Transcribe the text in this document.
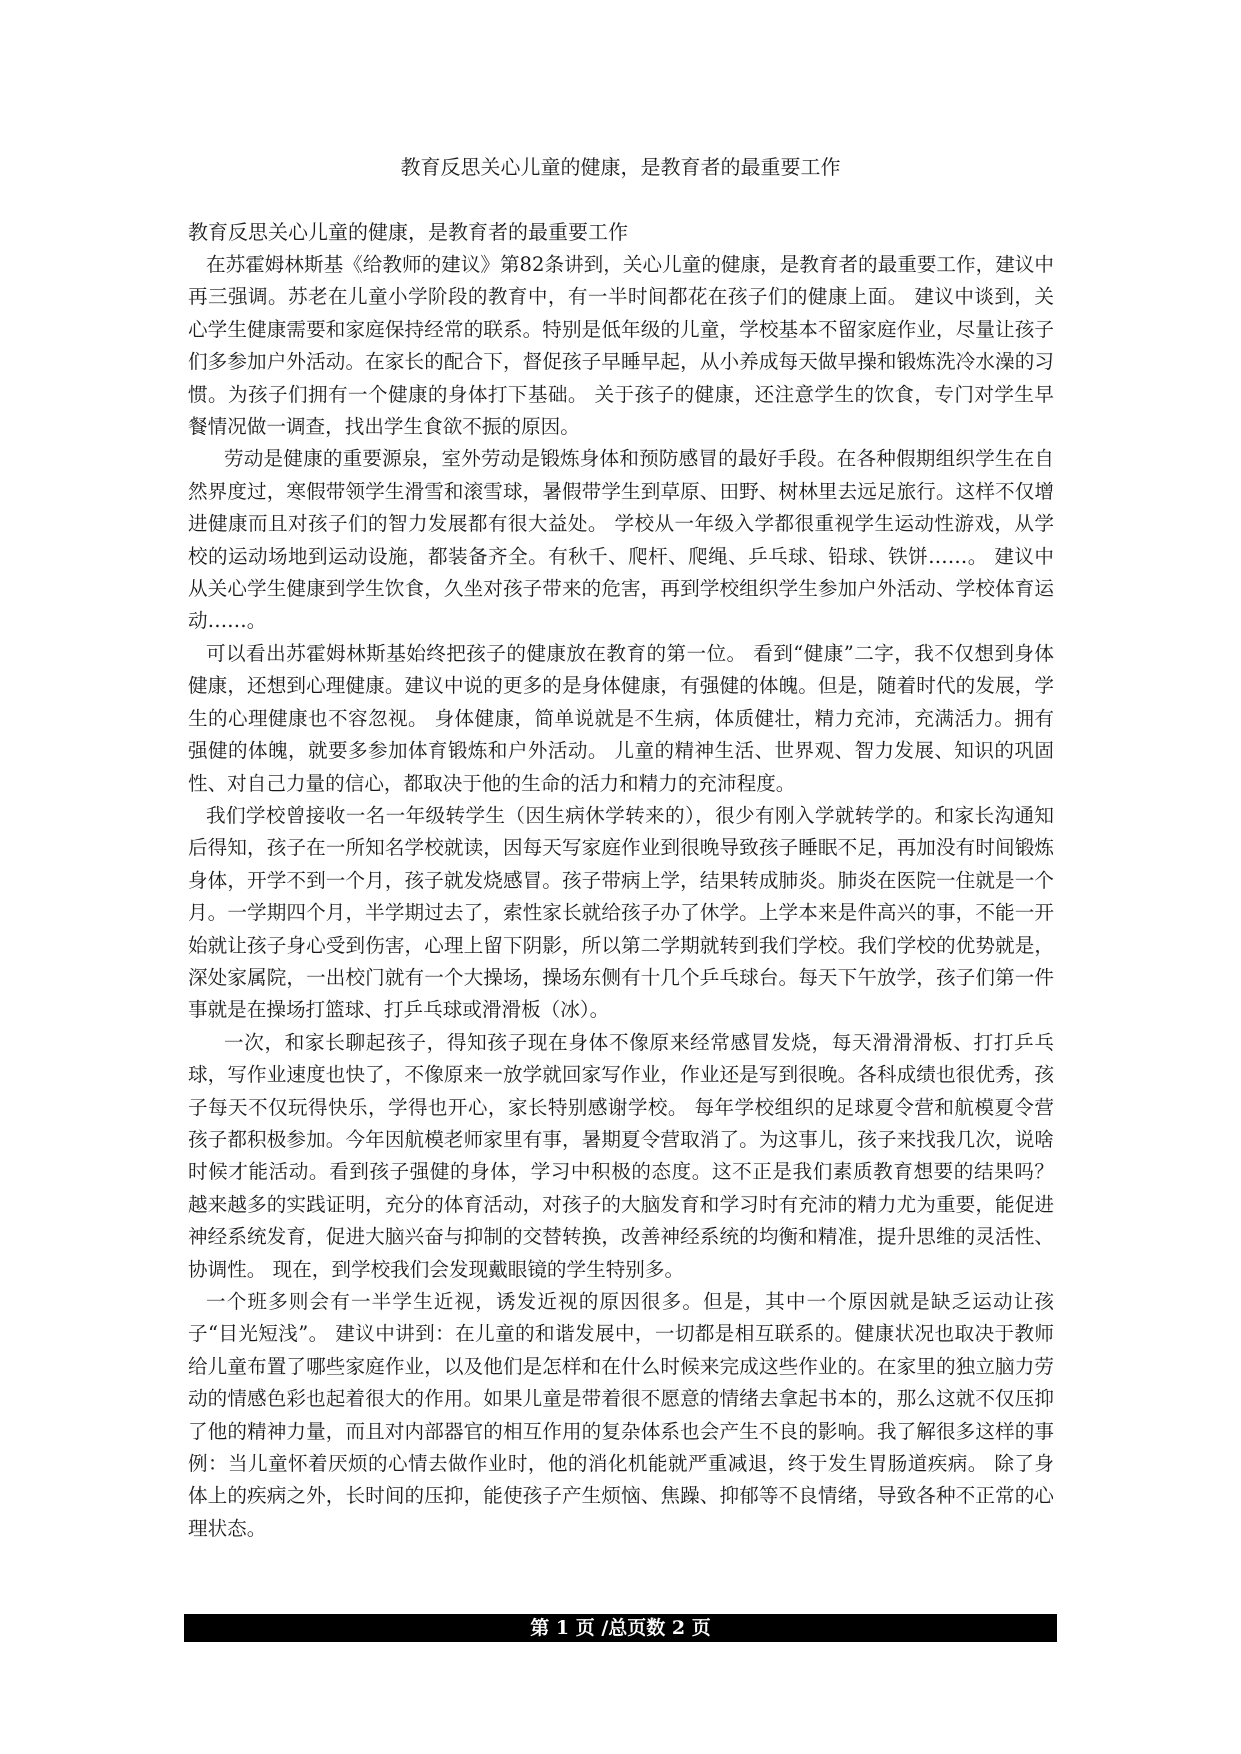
教育反思关心儿童的健康，是教育者的最重要工作

教育反思关心儿童的健康，是教育者的最重要工作

在苏霍姆林斯基《给教师的建议》第82条讲到，关心儿童的健康，是教育者的最重要工作，建议中再三强调。苏老在儿童小学阶段的教育中，有一半时间都花在孩子们的健康上面。 建议中谈到，关心学生健康需要和家庭保持经常的联系。特别是低年级的儿童，学校基本不留家庭作业，尽量让孩子们多参加户外活动。在家长的配合下，督促孩子早睡早起，从小养成每天做早操和锻炼洗冷水澡的习惯。为孩子们拥有一个健康的身体打下基础。 关于孩子的健康，还注意学生的饮食，专门对学生早餐情况做一调查，找出学生食欲不振的原因。

劳动是健康的重要源泉，室外劳动是锻炼身体和预防感冒的最好手段。在各种假期组织学生在自然界度过，寒假带领学生滑雪和滚雪球，暑假带学生到草原、田野、树林里去远足旅行。这样不仅增进健康而且对孩子们的智力发展都有很大益处。 学校从一年级入学都很重视学生运动性游戏，从学校的运动场地到运动设施，都装备齐全。有秋千、爬杆、爬绳、乒乓球、铅球、铁饼……。 建议中从关心学生健康到学生饮食，久坐对孩子带来的危害，再到学校组织学生参加户外活动、学校体育运动……。

可以看出苏霍姆林斯基始终把孩子的健康放在教育的第一位。 看到“健康”二字，我不仅想到身体健康，还想到心理健康。建议中说的更多的是身体健康，有强健的体魄。但是，随着时代的发展，学生的心理健康也不容忽视。 身体健康，简单说就是不生病，体质健壮，精力充沛，充满活力。拥有强健的体魄，就要多参加体育锻炼和户外活动。 儿童的精神生活、世界观、智力发展、知识的巩固性、对自己力量的信心，都取决于他的生命的活力和精力的充沛程度。

我们学校曾接收一名一年级转学生（因生病休学转来的），很少有刚入学就转学的。和家长沟通知后得知，孩子在一所知名学校就读，因每天写家庭作业到很晚导致孩子睡眠不足，再加没有时间锻炼身体，开学不到一个月，孩子就发烧感冒。孩子带病上学，结果转成肺炎。肺炎在医院一住就是一个月。一学期四个月，半学期过去了，索性家长就给孩子办了休学。上学本来是件高兴的事，不能一开始就让孩子身心受到伤害，心理上留下阴影，所以第二学期就转到我们学校。我们学校的优势就是，深处家属院，一出校门就有一个大操场，操场东侧有十几个乒乓球台。每天下午放学，孩子们第一件事就是在操场打篮球、打乒乓球或滑滑板（冰）。

一次，和家长聊起孩子，得知孩子现在身体不像原来经常感冒发烧，每天滑滑滑板、打打乒乓球，写作业速度也快了，不像原来一放学就回家写作业，作业还是写到很晚。各科成绩也很优秀，孩子每天不仅玩得快乐，学得也开心，家长特别感谢学校。 每年学校组织的足球夏令营和航模夏令营孩子都积极参加。今年因航模老师家里有事，暑期夏令营取消了。为这事儿，孩子来找我几次，说啥时候才能活动。看到孩子强健的身体，学习中积极的态度。这不正是我们素质教育想要的结果吗？ 越来越多的实践证明，充分的体育活动，对孩子的大脑发育和学习时有充沛的精力尤为重要，能促进神经系统发育，促进大脑兴奋与抑制的交替转换，改善神经系统的均衡和精准，提升思维的灵活性、协调性。 现在，到学校我们会发现戴眼镜的学生特别多。

一个班多则会有一半学生近视，诱发近视的原因很多。但是，其中一个原因就是缺乏运动让孩子“目光短浅”。 建议中讲到：在儿童的和谐发展中，一切都是相互联系的。健康状况也取决于教师给儿童布置了哪些家庭作业，以及他们是怎样和在什么时候来完成这些作业的。在家里的独立脑力劳动的情感色彩也起着很大的作用。如果儿童是带着很不愿意的情绪去拿起书本的，那么这就不仅压抑了他的精神力量，而且对内部器官的相互作用的复杂体系也会产生不良的影响。我了解很多这样的事例：当儿童怀着厌烦的心情去做作业时，他的消化机能就严重减退，终于发生胃肠道疾病。 除了身体上的疾病之外，长时间的压抑，能使孩子产生烦恼、焦躁、抑郁等不良情绪，导致各种不正常的心理状态。

第 1 页 /总页数 2 页
